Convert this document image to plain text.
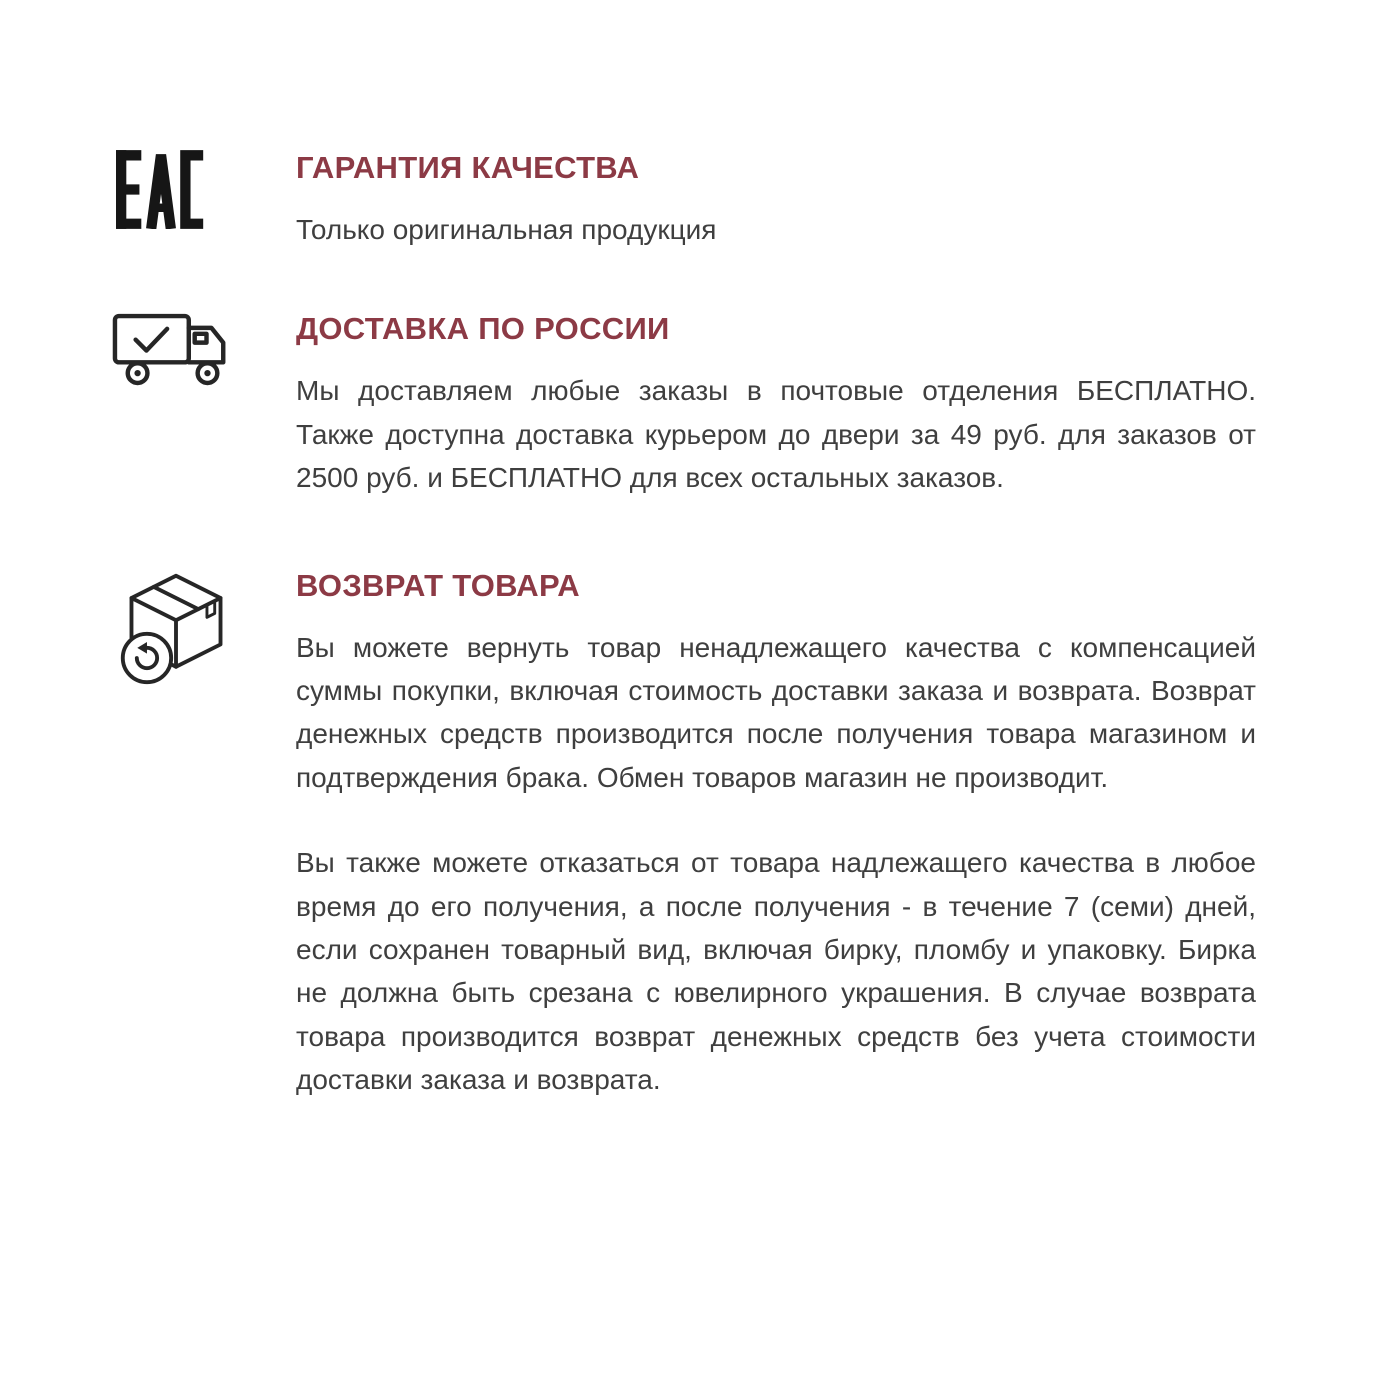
ГАРАНТИЯ КАЧЕСТВА

Только оригинальная продукция

ДОСТАВКА ПО РОССИИ

Мы доставляем любые заказы в почтовые отделения БЕСПЛАТНО. Также доступна доставка курьером до двери за 49 руб. для заказов от 2500 руб. и БЕСПЛАТНО для всех остальных заказов.

ВОЗВРАТ ТОВАРА

Вы можете вернуть товар ненадлежащего качества с компенсацией суммы покупки, включая стоимость доставки заказа и возврата. Возврат денежных средств производится после получения товара магазином и подтверждения брака. Обмен товаров магазин не производит.

Вы также можете отказаться от товара надлежащего качества в любое время до его получения, а после получения - в течение 7 (семи) дней, если сохранен товарный вид, включая бирку, пломбу и упаковку. Бирка не должна быть срезана с ювелирного украшения. В случае возврата товара производится возврат денежных средств без учета стоимости доставки заказа и возврата.
